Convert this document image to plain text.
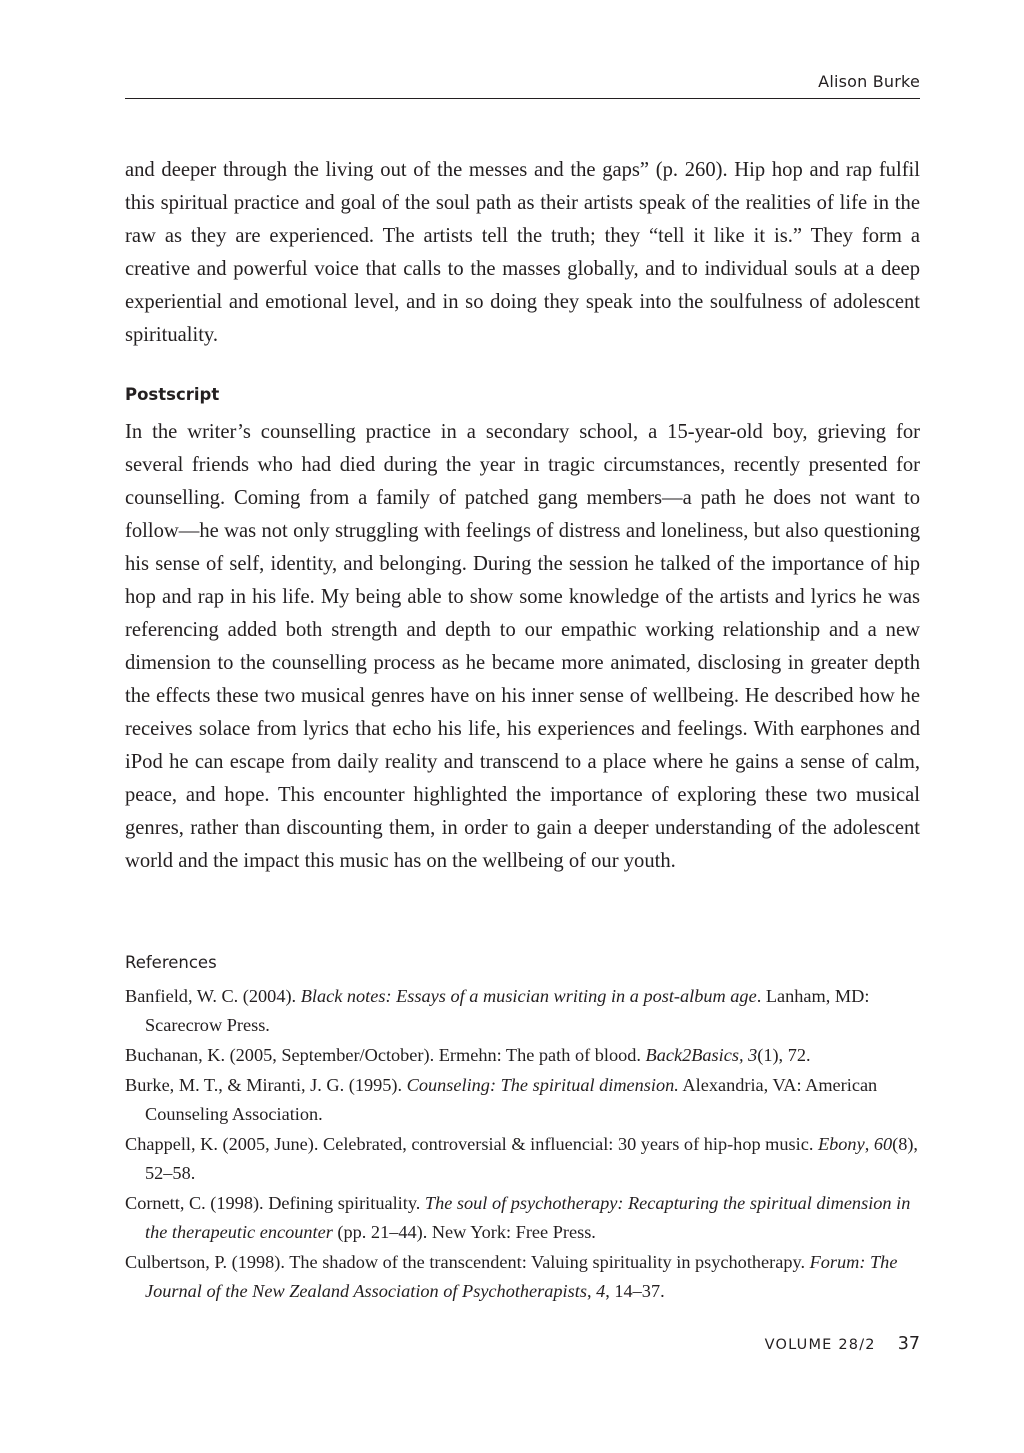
Alison Burke

and deeper through the living out of the messes and the gaps” (p. 260). Hip hop and rap fulfil this spiritual practice and goal of the soul path as their artists speak of the realities of life in the raw as they are experienced. The artists tell the truth; they “tell it like it is.” They form a creative and powerful voice that calls to the masses globally, and to individual souls at a deep experiential and emotional level, and in so doing they speak into the soulfulness of adolescent spirituality.

Postscript

In the writer’s counselling practice in a secondary school, a 15-year-old boy, grieving for several friends who had died during the year in tragic circumstances, recently presented for counselling. Coming from a family of patched gang members—a path he does not want to follow—he was not only struggling with feelings of distress and loneliness, but also questioning his sense of self, identity, and belonging. During the session he talked of the importance of hip hop and rap in his life. My being able to show some knowledge of the artists and lyrics he was referencing added both strength and depth to our empathic working relationship and a new dimension to the counselling process as he became more animated, disclosing in greater depth the effects these two musical genres have on his inner sense of wellbeing. He described how he receives solace from lyrics that echo his life, his experiences and feelings. With earphones and iPod he can escape from daily reality and transcend to a place where he gains a sense of calm, peace, and hope. This encounter highlighted the importance of exploring these two musical genres, rather than discounting them, in order to gain a deeper understanding of the adolescent world and the impact this music has on the wellbeing of our youth.

References
Banfield, W. C. (2004). Black notes: Essays of a musician writing in a post-album age. Lanham, MD: Scarecrow Press.
Buchanan, K. (2005, September/October). Ermehn: The path of blood. Back2Basics, 3(1), 72.
Burke, M. T., & Miranti, J. G. (1995). Counseling: The spiritual dimension. Alexandria, VA: American Counseling Association.
Chappell, K. (2005, June). Celebrated, controversial & influencial: 30 years of hip-hop music. Ebony, 60(8), 52–58.
Cornett, C. (1998). Defining spirituality. The soul of psychotherapy: Recapturing the spiritual dimension in the therapeutic encounter (pp. 21–44). New York: Free Press.
Culbertson, P. (1998). The shadow of the transcendent: Valuing spirituality in psychotherapy. Forum: The Journal of the New Zealand Association of Psychotherapists, 4, 14–37.
VOLUME 28/2 37
